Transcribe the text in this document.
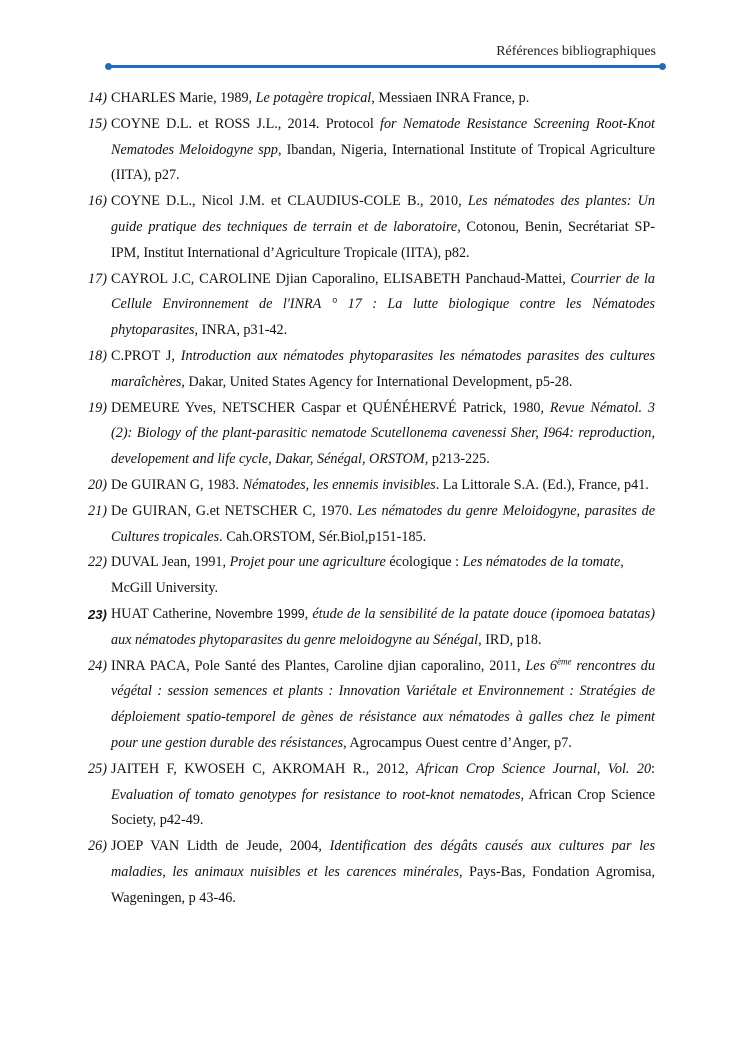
Références bibliographiques
14) CHARLES Marie, 1989, Le potagère tropical, Messiaen INRA France, p.
15) COYNE D.L. et ROSS J.L., 2014. Protocol for Nematode Resistance Screening Root-Knot Nematodes Meloidogyne spp, Ibandan, Nigeria, International Institute of Tropical Agriculture (IITA), p27.
16) COYNE D.L., Nicol J.M. et CLAUDIUS-COLE B., 2010, Les nématodes des plantes: Un guide pratique des techniques de terrain et de laboratoire, Cotonou, Benin, Secrétariat SP-IPM, Institut International d’Agriculture Tropicale (IITA), p82.
17) CAYROL J.C, CAROLINE Djian Caporalino, ELISABETH Panchaud-Mattei, Courrier de la Cellule Environnement de l'INRA ° 17 : La lutte biologique contre les Nématodes phytoparasites, INRA, p31-42.
18) C.PROT J, Introduction aux nématodes phytoparasites les nématodes parasites des cultures maraîchères, Dakar, United States Agency for International Development, p5-28.
19) DEMEURE Yves, NETSCHER Caspar et QUÉNÉHERVÉ Patrick, 1980, Revue Nématol. 3 (2): Biology of the plant-parasitic nematode Scutellonema cavenessi Sher, I964: reproduction, developement and life cycle, Dakar, Sénégal, ORSTOM, p213-225.
20) De GUIRAN G, 1983. Nématodes, les ennemis invisibles. La Littorale S.A. (Ed.), France, p41.
21) De GUIRAN, G.et NETSCHER C, 1970. Les nématodes du genre Meloidogyne, parasites de Cultures tropicales. Cah.ORSTOM, Sér.Biol,p151-185.
22) DUVAL Jean, 1991, Projet pour une agriculture écologique : Les nématodes de la tomate, McGill University.
23) HUAT Catherine, Novembre 1999, étude de la sensibilité de la patate douce (ipomoea batatas) aux nématodes phytoparasites du genre meloidogyne au Sénégal, IRD, p18.
24) INRA PACA, Pole Santé des Plantes, Caroline djian caporalino, 2011, Les 6ème rencontres du végétal : session semences et plants : Innovation Variétale et Environnement : Stratégies de déploiement spatio-temporel de gènes de résistance aux nématodes à galles chez le piment pour une gestion durable des résistances, Agrocampus Ouest centre d’Anger, p7.
25) JAITEH F, KWOSEH C, AKROMAH R., 2012, African Crop Science Journal, Vol. 20: Evaluation of tomato genotypes for resistance to root-knot nematodes, African Crop Science Society, p42-49.
26) JOEP VAN Lidth de Jeude, 2004, Identification des dégâts causés aux cultures par les maladies, les animaux nuisibles et les carences minérales, Pays-Bas, Fondation Agromisa, Wageningen, p 43-46.
